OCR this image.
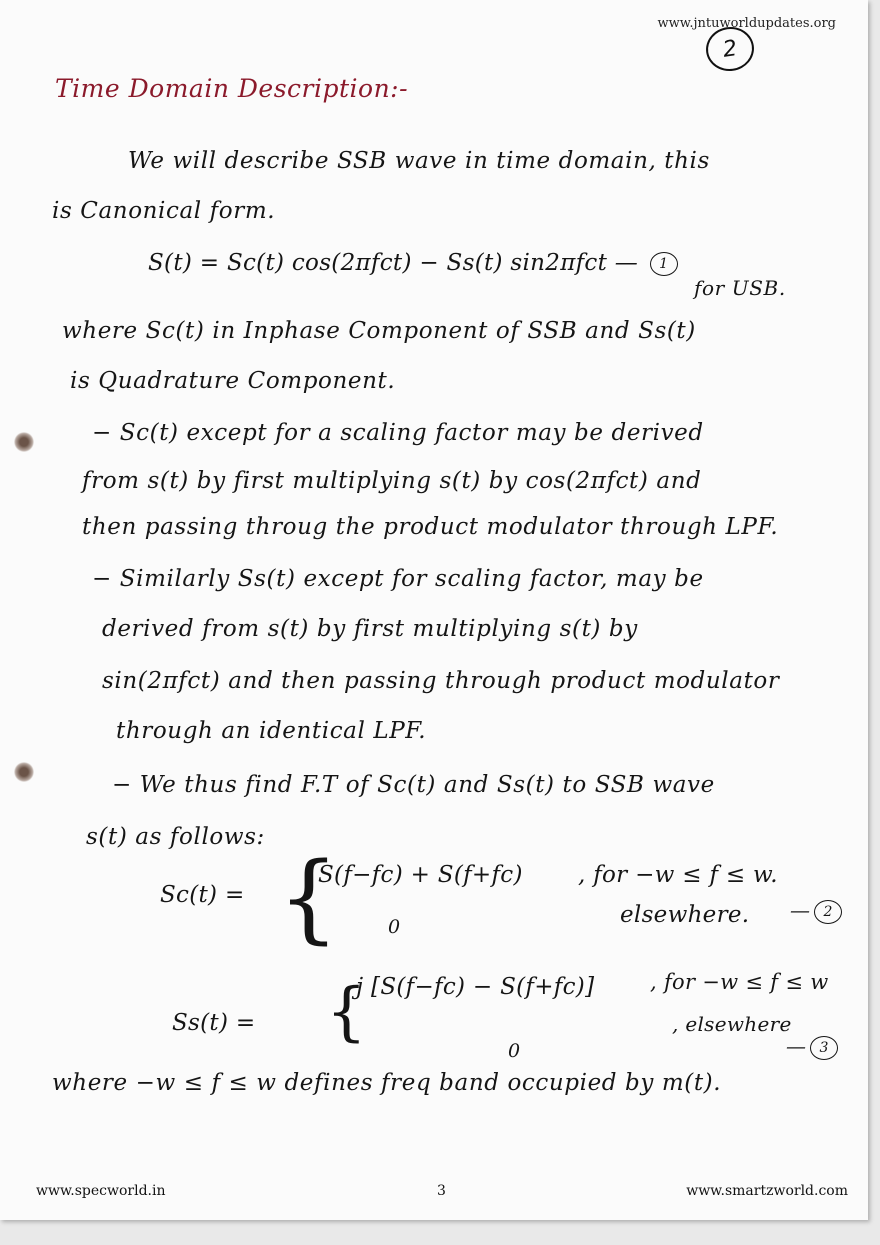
www.jntuworldupdates.org
2
Time Domain Description:-
We will describe SSB wave in time domain, this
is Canonical form.
S(t) = Sc(t) cos(2πfct) − Ss(t) sin2πfct — 1
for USB.
where Sc(t) in Inphase Component of SSB and Ss(t)
is Quadrature Component.
− Sc(t) except for a scaling factor may be derived
from s(t) by first multiplying s(t) by cos(2πfct) and
then passing throug the product modulator through LPF.
− Similarly Ss(t) except for scaling factor, may be
derived from s(t) by first multiplying s(t) by
sin(2πfct) and then passing through product modulator
through an identical LPF.
− We thus find F.T of Sc(t) and Ss(t) to SSB wave
s(t) as follows:
Sc(t) = {
S(f−fc) + S(f+fc) , for −w ≤ f ≤ w.
0	elsewhere. — 2
Ss(t) = {
j [S(f−fc) − S(f+fc)]	, for −w ≤ f ≤ w
0
, elsewhere
— 3
where −w ≤ f ≤ w defines freq band occupied by m(t).
www.specworld.in	3	www.smartzworld.com
